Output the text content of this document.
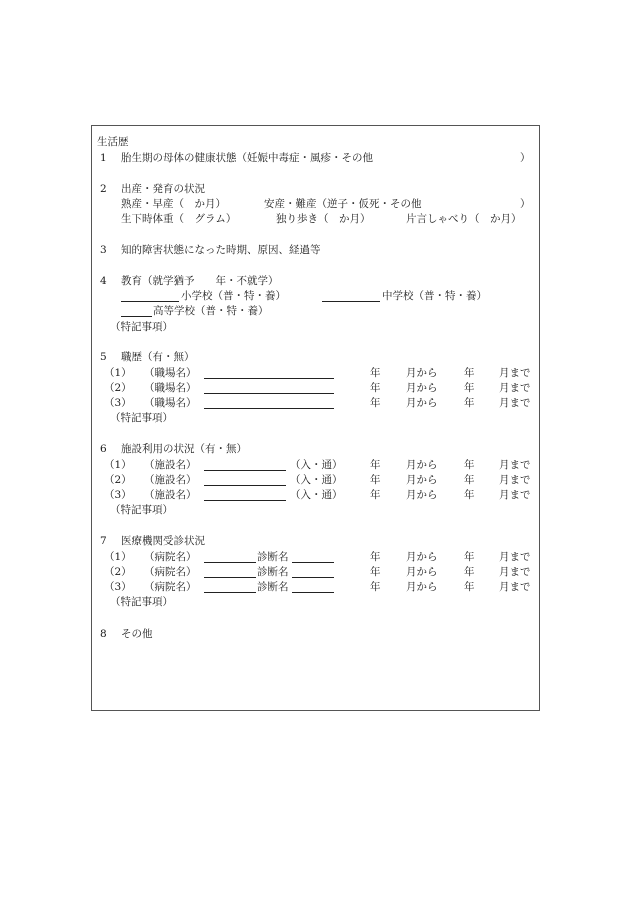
生活歴
1 胎生期の母体の健康状態（妊娠中毒症・風疹・その他	）
2 出産・発育の状況
熟産・早産（　か月）	安産・難産（逆子・仮死・その他	）
生下時体重（　グラム）	独り歩き（　か月）	片言しゃべり（　か月）
3 知的障害状態になった時期、原因、経過等
4 教育（就学猶予　　年・不就学）
小学校（普・特・養）	中学校（普・特・養）
高等学校（普・特・養）
（特記事項）
5 職歴（有・無）
（1） （職場名）	年 月から	年 月まで
（2） （職場名）	年 月から	年 月まで
（3） （職場名）	年 月から	年 月まで
（特記事項）
6 施設利用の状況（有・無）
（1） （施設名）	（入・通）	年 月から	年 月まで
（2） （施設名）	（入・通）	年 月から	年 月まで
（3） （施設名）	（入・通）	年 月から	年 月まで
（特記事項）
7 医療機関受診状況
（1） （病院名）	診断名	年 月から	年 月まで
（2） （病院名）	診断名	年 月から	年 月まで
（3） （病院名）	診断名	年 月から	年 月まで
（特記事項）
8 その他
